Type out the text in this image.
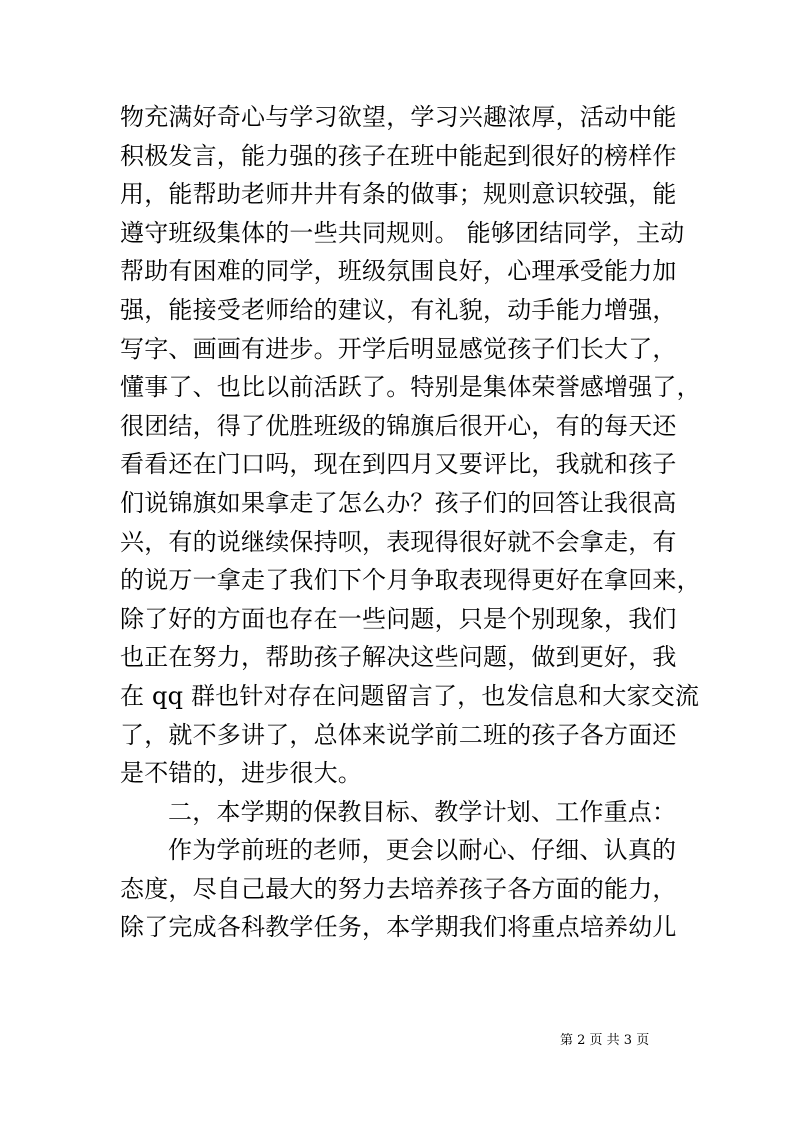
物充满好奇心与学习欲望，学习兴趣浓厚，活动中能
积极发言，能力强的孩子在班中能起到很好的榜样作
用，能帮助老师井井有条的做事；规则意识较强，能
遵守班级集体的一些共同规则。 能够团结同学，主动
帮助有困难的同学，班级氛围良好，心理承受能力加
强，能接受老师给的建议，有礼貌，动手能力增强，
写字、画画有进步。开学后明显感觉孩子们长大了，
懂事了、也比以前活跃了。特别是集体荣誉感增强了，
很团结，得了优胜班级的锦旗后很开心，有的每天还
看看还在门口吗，现在到四月又要评比，我就和孩子
们说锦旗如果拿走了怎么办？孩子们的回答让我很高
兴，有的说继续保持呗，表现得很好就不会拿走，有
的说万一拿走了我们下个月争取表现得更好在拿回来，
除了好的方面也存在一些问题，只是个别现象，我们
也正在努力，帮助孩子解决这些问题，做到更好，我
在 qq 群也针对存在问题留言了，也发信息和大家交流
了，就不多讲了，总体来说学前二班的孩子各方面还
是不错的，进步很大。
二，本学期的保教目标、教学计划、工作重点：
作为学前班的老师，更会以耐心、仔细、认真的
态度，尽自己最大的努力去培养孩子各方面的能力，
除了完成各科教学任务，本学期我们将重点培养幼儿
第 2 页 共 3 页
